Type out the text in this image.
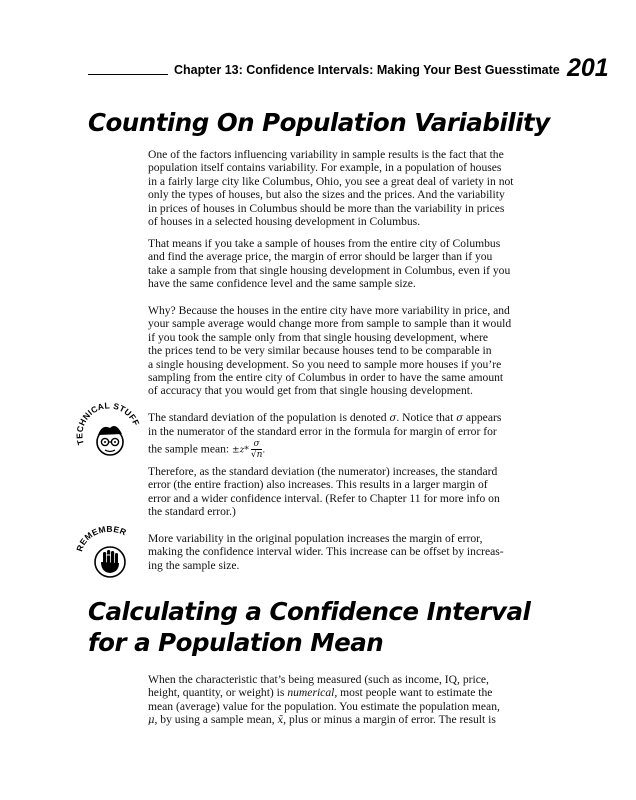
Chapter 13: Confidence Intervals: Making Your Best Guesstimate 201
Counting On Population Variability

One of the factors influencing variability in sample results is the fact that the
population itself contains variability. For example, in a population of houses
in a fairly large city like Columbus, Ohio, you see a great deal of variety in not
only the types of houses, but also the sizes and the prices. And the variability
in prices of houses in Columbus should be more than the variability in prices
of houses in a selected housing development in Columbus.

That means if you take a sample of houses from the entire city of Columbus
and find the average price, the margin of error should be larger than if you
take a sample from that single housing development in Columbus, even if you
have the same confidence level and the same sample size.

Why? Because the houses in the entire city have more variability in price, and
your sample average would change more from sample to sample than it would
if you took the sample only from that single housing development, where
the prices tend to be very similar because houses tend to be comparable in
a single housing development. So you need to sample more houses if you’re
sampling from the entire city of Columbus in order to have the same amount
of accuracy that you would get from that single housing development.

HNICAL STUFF The standard deviation of the population is denoted σ. Notice that σ appears
in the numerator of the standard error in the formula for margin of error for
the sample mean: $\pm z* \frac{\sigma}{√n}$ .

Therefore, as the standard deviation (the numerator) increases, the standard
error (the entire fraction) also increases. This results in a larger margin of
error and a wider confidence interval. (Refer to Chapter 11 for more info on
the standard error.)

REMEMBER

More variability in the original population increases the margin of error,
making the confidence interval wider. This increase can be offset by increas-
ing the sample size.

Calculating a Confidence Interval
for a Population Mean

When the characteristic that’s being measured (such as income, IQ, price,
height, quantity, or weight) is numerical, most people want to estimate the
mean (average) value for the population. You estimate the population mean,
μ, by using a sample mean, x̄, plus or minus a margin of error. The result is
